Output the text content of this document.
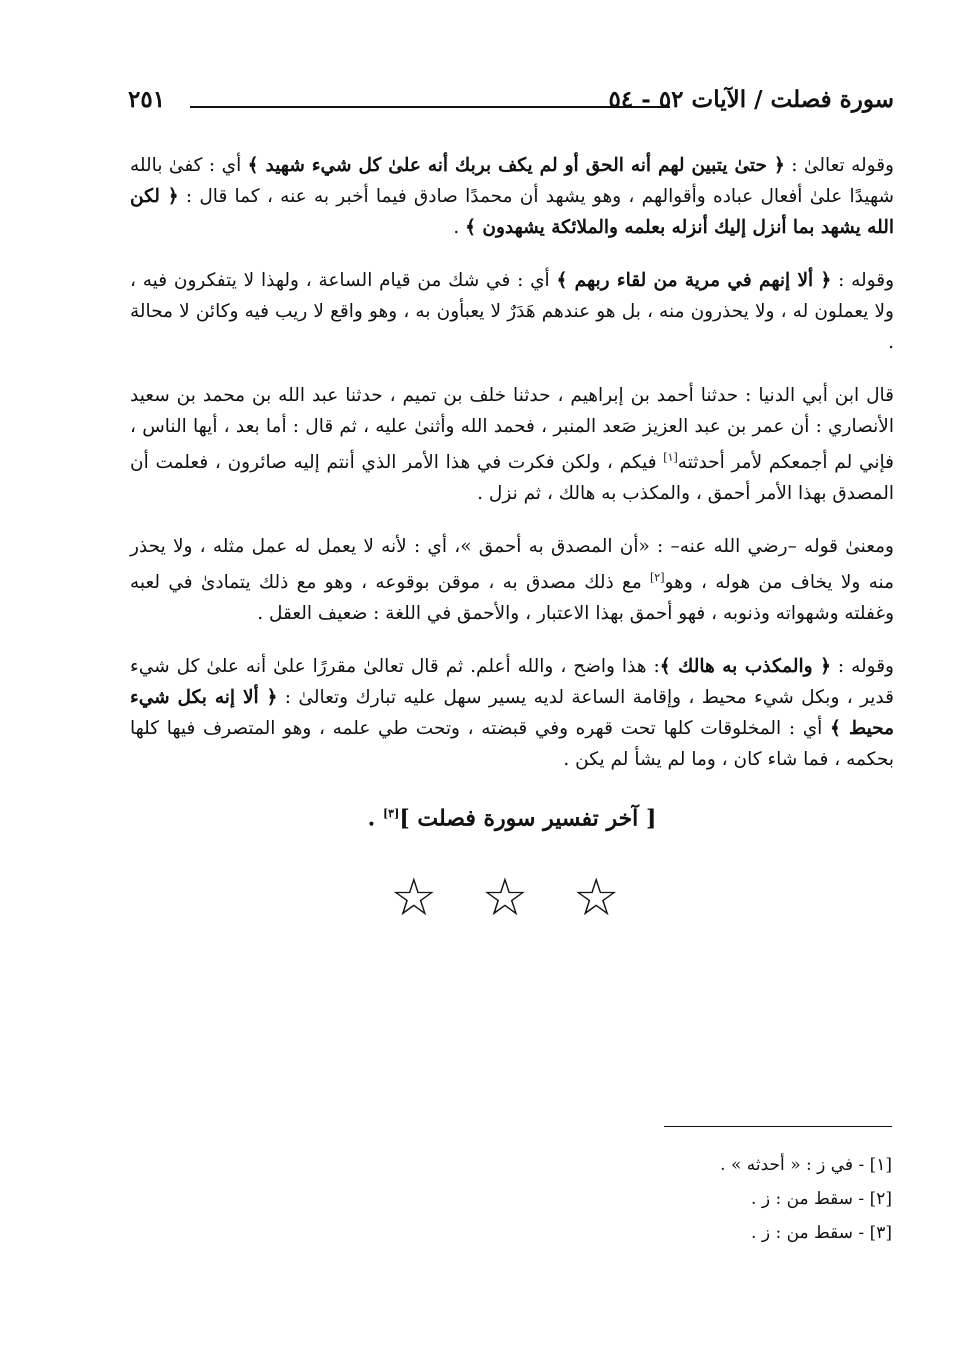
سورة فصلت / الآيات ٥٢ - ٥٤
٢٥١

وقوله تعالىٰ : ﴿ حتىٰ يتبين لهم أنه الحق أو لم يكف بربك أنه علىٰ كل شيء شهيد ﴾ أي : كفىٰ بالله شهيدًا علىٰ أفعال عباده وأقوالهم ، وهو يشهد أن محمدًا صادق فيما أخبر به عنه ، كما قال : ﴿ لكن الله يشهد بما أنزل إليك أنزله بعلمه والملائكة يشهدون ﴾ .

وقوله : ﴿ ألا إنهم في مرية من لقاء ربهم ﴾ أي : في شك من قيام الساعة ، ولهذا لا يتفكرون فيه ، ولا يعملون له ، ولا يحذرون منه ، بل هو عندهم هَدَرٌ لا يعبأون به ، وهو واقع لا ريب فيه وكائن لا محالة .

قال ابن أبي الدنيا : حدثنا أحمد بن إبراهيم ، حدثنا خلف بن تميم ، حدثنا عبد الله بن محمد بن سعيد الأنصاري : أن عمر بن عبد العزيز صَعد المنبر ، فحمد الله وأثنىٰ عليه ، ثم قال : أما بعد ، أيها الناس ، فإني لم أجمعكم لأمر أحدثته[١] فيكم ، ولكن فكرت في هذا الأمر الذي أنتم إليه صائرون ، فعلمت أن المصدق بهذا الأمر أحمق ، والمكذب به هالك ، ثم نزل .

ومعنىٰ قوله –رضي الله عنه– : «أن المصدق به أحمق »، أي : لأنه لا يعمل له عمل مثله ، ولا يحذر منه ولا يخاف من هوله ، وهو[٢] مع ذلك مصدق به ، موقن بوقوعه ، وهو مع ذلك يتمادىٰ في لعبه وغفلته وشهواته وذنوبه ، فهو أحمق بهذا الاعتبار ، والأحمق في اللغة : ضعيف العقل .

وقوله : ﴿ والمكذب به هالك ﴾: هذا واضح ، والله أعلم. ثم قال تعالىٰ مقررًا علىٰ أنه علىٰ كل شيء قدير ، وبكل شيء محيط ، وإقامة الساعة لديه يسير سهل عليه تبارك وتعالىٰ : ﴿ ألا إنه بكل شيء محيط ﴾ أي : المخلوقات كلها تحت قهره وفي قبضته ، وتحت طي علمه ، وهو المتصرف فيها كلها بحكمه ، فما شاء كان ، وما لم يشأ لم يكن .

[ آخر تفسير سورة فصلت ][٣] .

☆ ☆ ☆
[١] - في ز : « أحدثه » .
[٢] - سقط من : ز .
[٣] - سقط من : ز .
